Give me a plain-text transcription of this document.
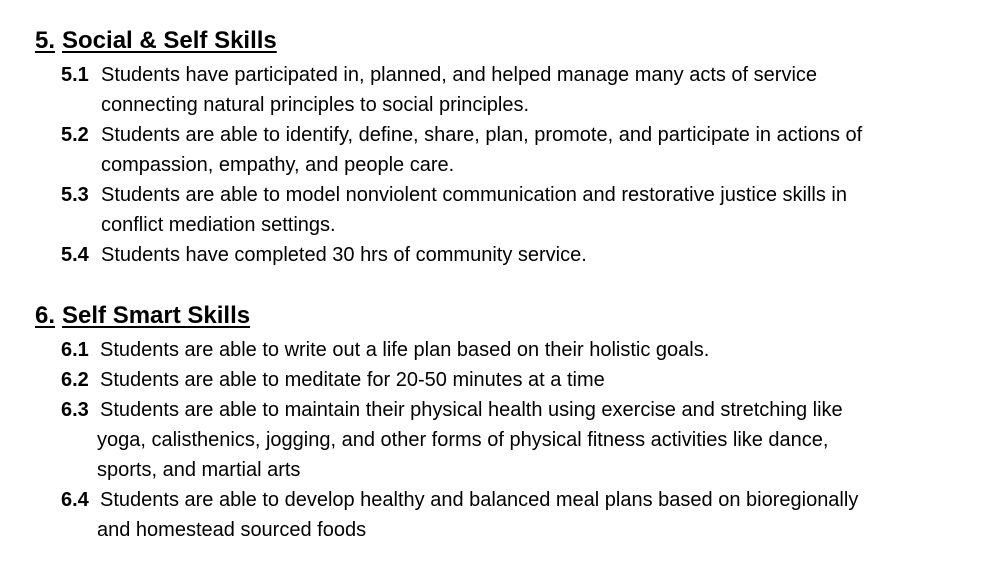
5. Social & Self Skills
5.1 Students have participated in, planned, and helped manage many acts of service
connecting natural principles to social principles.
5.2 Students are able to identify, define, share, plan, promote, and participate in actions of
compassion, empathy, and people care.
5.3 Students are able to model nonviolent communication and restorative justice skills in
conflict mediation settings.
5.4 Students have completed 30 hrs of community service.
6. Self Smart Skills
6.1 Students are able to write out a life plan based on their holistic goals.
6.2 Students are able to meditate for 20-50 minutes at a time
6.3 Students are able to maintain their physical health using exercise and stretching like
yoga, calisthenics, jogging, and other forms of physical fitness activities like dance,
sports, and martial arts
6.4 Students are able to develop healthy and balanced meal plans based on bioregionally
and homestead sourced foods
